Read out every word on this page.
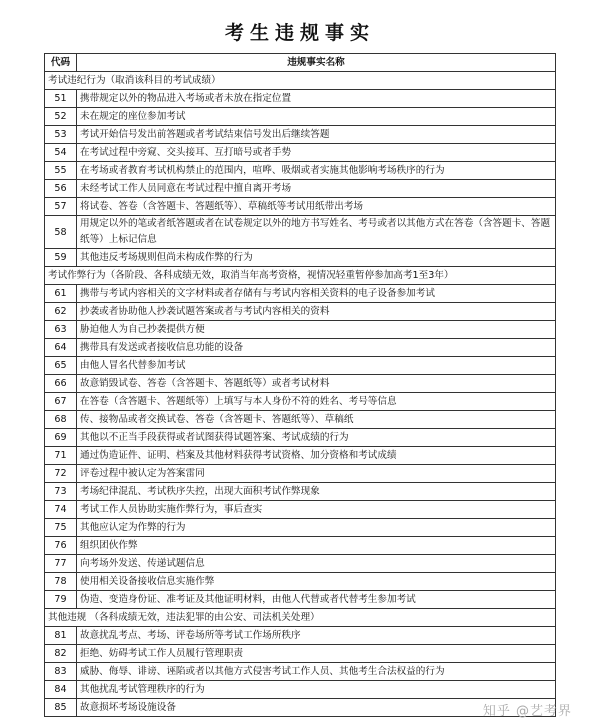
考生违规事实
代码	违规事实名称
考试违纪行为（取消该科目的考试成绩）	
51	携带规定以外的物品进入考场或者未放在指定位置
52	未在规定的座位参加考试
53	考试开始信号发出前答题或者考试结束信号发出后继续答题
54	在考试过程中旁窥、交头接耳、互打暗号或者手势
55	在考场或者教育考试机构禁止的范围内，喧哗、吸烟或者实施其他影响考场秩序的行为
56	未经考试工作人员同意在考试过程中擅自离开考场
57	将试卷、答卷（含答题卡、答题纸等）、草稿纸等考试用纸带出考场
58	用规定以外的笔或者纸答题或者在试卷规定以外的地方书写姓名、考号或者以其他方式在答卷（含答题卡、答题纸等）上标记信息
59	其他违反考场规则但尚未构成作弊的行为
考试作弊行为（各阶段、各科成绩无效，取消当年高考资格，视情况轻重暂停参加高考1至3年）	
61	携带与考试内容相关的文字材料或者存储有与考试内容相关资料的电子设备参加考试
62	抄袭或者协助他人抄袭试题答案或者与考试内容相关的资料
63	胁迫他人为自己抄袭提供方便
64	携带具有发送或者接收信息功能的设备
65	由他人冒名代替参加考试
66	故意销毁试卷、答卷（含答题卡、答题纸等）或者考试材料
67	在答卷（含答题卡、答题纸等）上填写与本人身份不符的姓名、考号等信息
68	传、接物品或者交换试卷、答卷（含答题卡、答题纸等）、草稿纸
69	其他以不正当手段获得或者试图获得试题答案、考试成绩的行为
71	通过伪造证件、证明、档案及其他材料获得考试资格、加分资格和考试成绩
72	评卷过程中被认定为答案雷同
73	考场纪律混乱、考试秩序失控，出现大面积考试作弊现象
74	考试工作人员协助实施作弊行为，事后查实
75	其他应认定为作弊的行为
76	组织团伙作弊
77	向考场外发送、传递试题信息
78	使用相关设备接收信息实施作弊
79	伪造、变造身份证、准考证及其他证明材料，由他人代替或者代替考生参加考试
其他违规 （各科成绩无效，违法犯罪的由公安、司法机关处理）	
81	故意扰乱考点、考场、评卷场所等考试工作场所秩序
82	拒绝、妨碍考试工作人员履行管理职责
83	威胁、侮辱、诽谤、诬陷或者以其他方式侵害考试工作人员、其他考生合法权益的行为
84	其他扰乱考试管理秩序的行为
85	故意损坏考场设施设备	知乎 @艺考界
